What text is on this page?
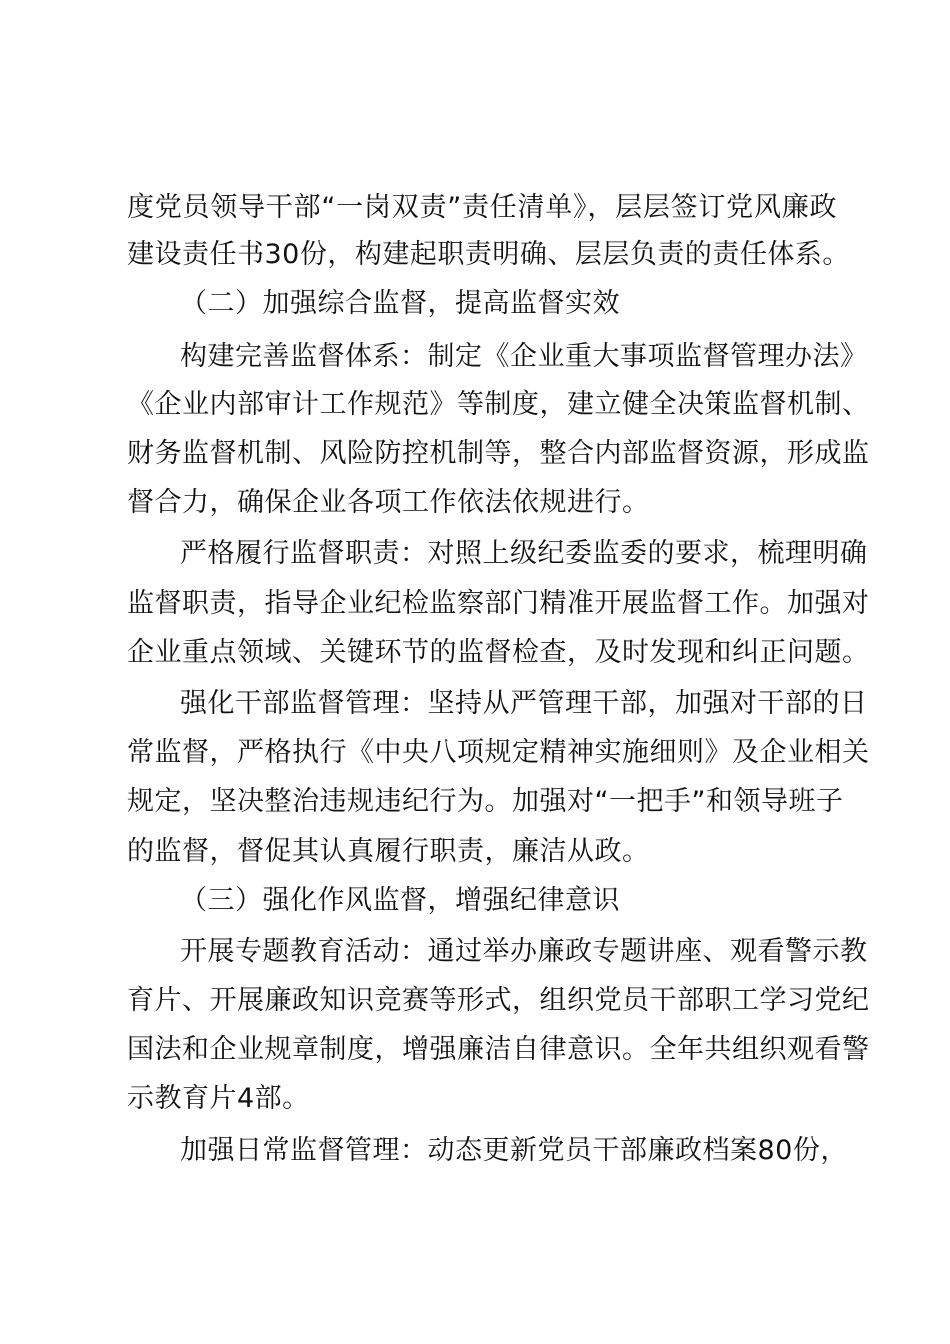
度党员领导干部“一岗双责”责任清单》，层层签订党风廉政
建设责任书30份，构建起职责明确、层层负责的责任体系。
（二）加强综合监督，提高监督实效
构建完善监督体系：制定《企业重大事项监督管理办法》
《企业内部审计工作规范》等制度，建立健全决策监督机制、
财务监督机制、风险防控机制等，整合内部监督资源，形成监
督合力，确保企业各项工作依法依规进行。
严格履行监督职责：对照上级纪委监委的要求，梳理明确
监督职责，指导企业纪检监察部门精准开展监督工作。加强对
企业重点领域、关键环节的监督检查，及时发现和纠正问题。
强化干部监督管理：坚持从严管理干部，加强对干部的日
常监督，严格执行《中央八项规定精神实施细则》及企业相关
规定，坚决整治违规违纪行为。加强对“一把手”和领导班子
的监督，督促其认真履行职责，廉洁从政。
（三）强化作风监督，增强纪律意识
开展专题教育活动：通过举办廉政专题讲座、观看警示教
育片、开展廉政知识竞赛等形式，组织党员干部职工学习党纪
国法和企业规章制度，增强廉洁自律意识。全年共组织观看警
示教育片4部。
加强日常监督管理：动态更新党员干部廉政档案80份，
